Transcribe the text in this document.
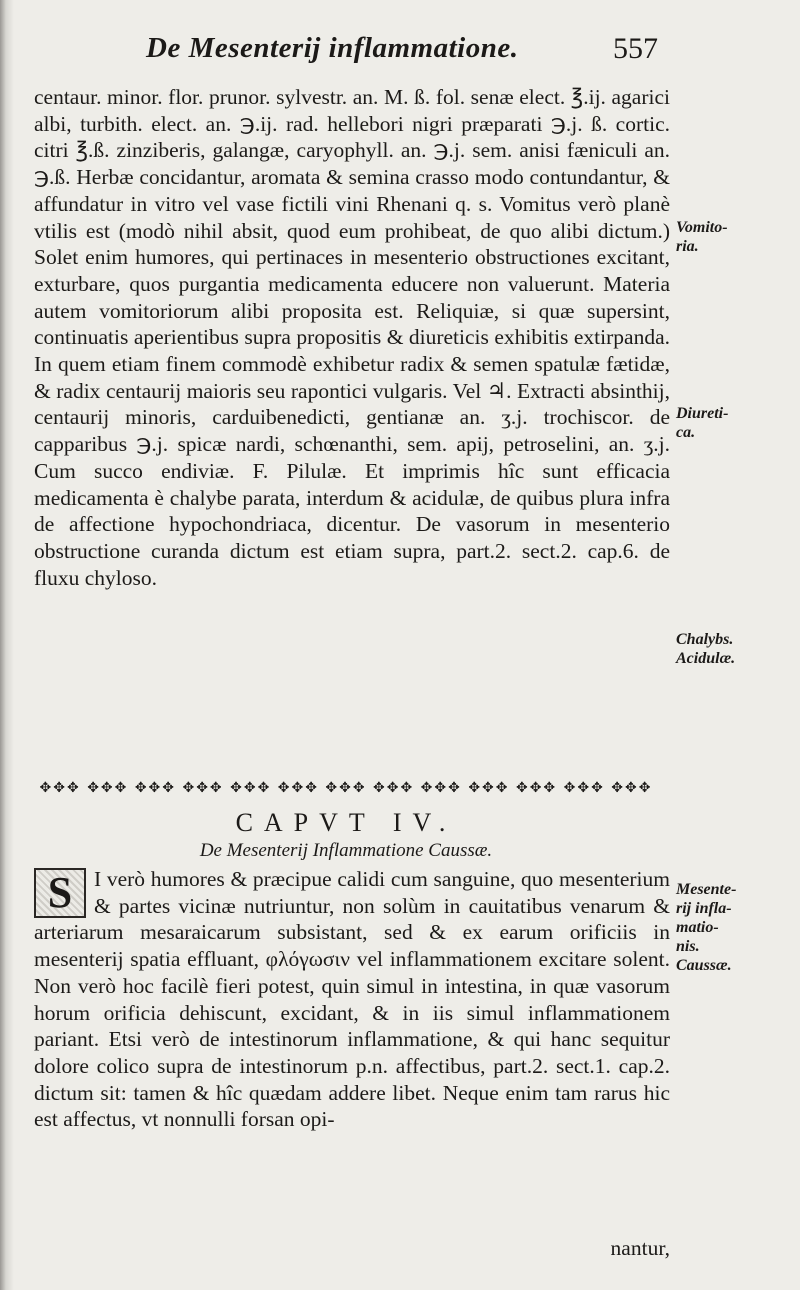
De Mesenterij inflammatione.	557

centaur. minor. flor. prunor. sylvestr. an. M. ß. fol. senæ elect. ℥.ij. agarici albi, turbith. elect. an. ℈.ij. rad. hellebori nigri præparati ℈.j. ß. cortic. citri ℥.ß. zinziberis, galangæ, caryophyll. an. ℈.j. sem. anisi fæniculi an. ℈.ß. Herbæ concidantur, aromata & semina crasso modo contundantur, & affundatur in vitro vel vase fictili vini Rhenani q. s. Vomitus verò planè vtilis est (modò nihil absit, quod eum prohibeat, de quo alibi dictum.) Solet enim humores, qui pertinaces in mesenterio obstructiones excitant, exturbare, quos purgantia medicamenta educere non valuerunt. Materia autem vomitoriorum alibi proposita est. Reliquiæ, si quæ supersint, continuatis aperientibus supra propositis & diureticis exhibitis extirpanda. In quem etiam finem commodè exhibetur radix & semen spatulæ fætidæ, & radix centaurij maioris seu rapontici vulgaris. Vel ♃. Extracti absinthij, centaurij minoris, carduibenedicti, gentianæ an. ʒ.j. trochiscor. de capparibus ℈.j. spicæ nardi, schœnanthi, sem. apij, petroselini, an. ʒ.j. Cum succo endiviæ. F. Pilulæ. Et imprimis hîc sunt efficacia medicamenta è chalybe parata, interdum & acidulæ, de quibus plura infra de affectione hypochondriaca, dicentur. De vasorum in mesenterio obstructione curanda dictum est etiam supra, part.2. sect.2. cap.6. de fluxu chyloso.

Vomito-
ria.
Diureti-
ca.
Chalybs.
Acidulæ.
✥✥✥ ✥✥✥ ✥✥✥ ✥✥✥ ✥✥✥ ✥✥✥ ✥✥✥ ✥✥✥ ✥✥✥ ✥✥✥ ✥✥✥ ✥✥✥ ✥✥✥
CAPVT IV.
De Mesenterij Inflammatione Caussæ.
S	I verò humores & præcipue calidi cum sanguine, quo mesenterium & partes vicinæ nutriuntur, non solùm in cauitatibus venarum & arteriarum mesaraicarum subsistant, sed & ex earum orificiis in mesenterij spatia effluant, φλόγωσιν vel inflammationem excitare solent. Non verò hoc facilè fieri potest, quin simul in intestina, in quæ vasorum horum orificia dehiscunt, excidant, & in iis simul inflammationem pariant. Etsi verò de intestinorum inflammatione, & qui hanc sequitur dolore colico supra de intestinorum p.n. affectibus, part.2. sect.1. cap.2. dictum sit: tamen & hîc quædam addere libet. Neque enim tam rarus hic est affectus, vt nonnulli forsan opi-
Mesente-
rij infla-
matio-
nis.
Caussæ.
nantur,
